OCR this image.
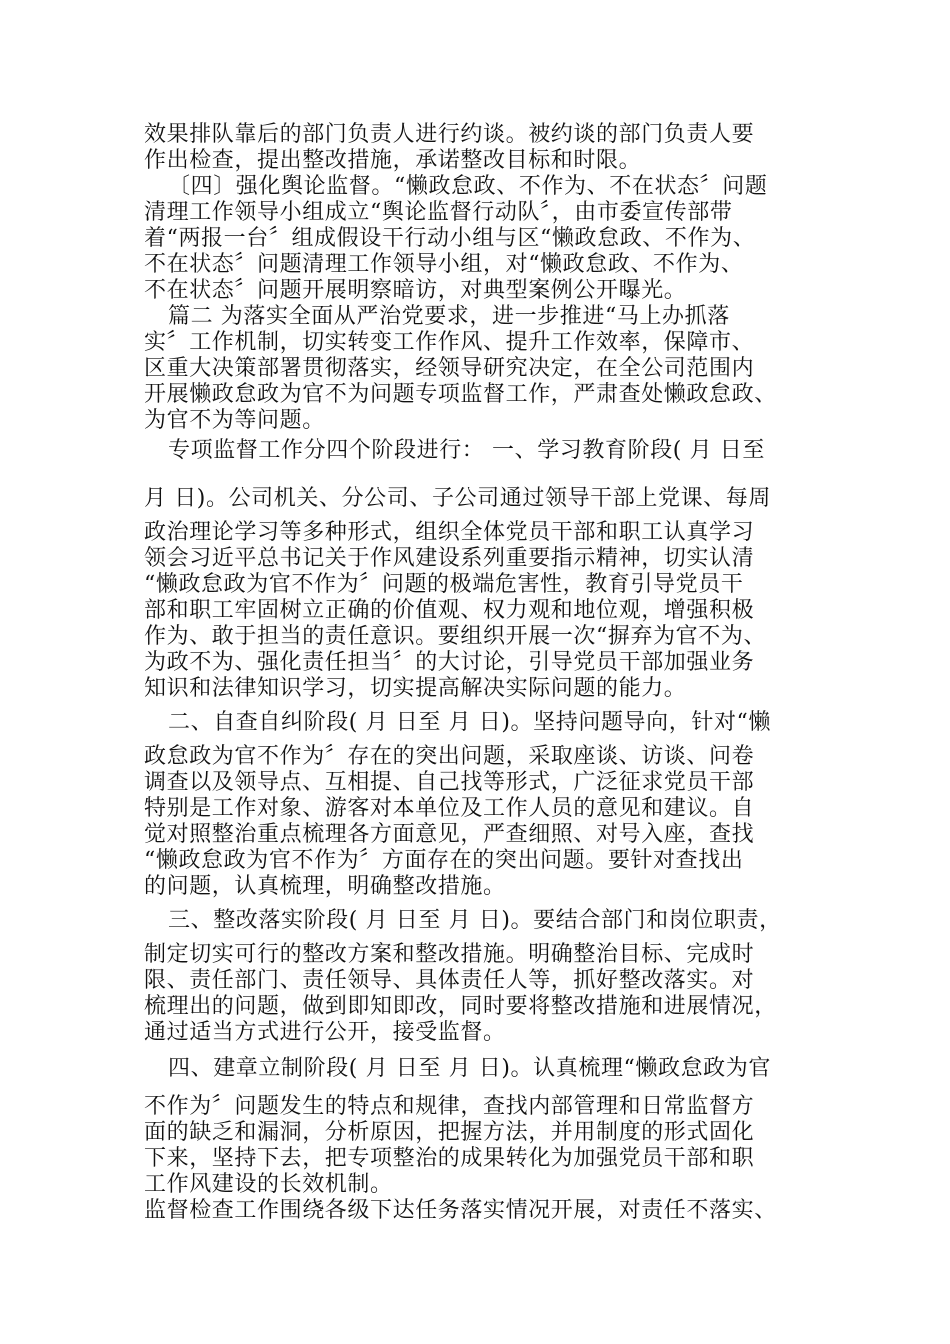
效果排队靠后的部门负责人进行约谈。被约谈的部门负责人要
作出检查，提出整改措施，承诺整改目标和时限。
〔四〕强化舆论监督。“懒政怠政、不作为、不在状态〞问题
清理工作领导小组成立“舆论监督行动队〞，由市委宣传部带
着“两报一台〞组成假设干行动小组与区“懒政怠政、不作为、
不在状态〞问题清理工作领导小组，对“懒政怠政、不作为、
不在状态〞问题开展明察暗访，对典型案例公开曝光。
篇二 为落实全面从严治党要求，进一步推进“马上办抓落
实〞工作机制，切实转变工作作风、提升工作效率，保障市、
区重大决策部署贯彻落实，经领导研究决定，在全公司范围内
开展懒政怠政为官不为问题专项监督工作，严肃查处懒政怠政、
为官不为等问题。
专项监督工作分四个阶段进行： 一、学习教育阶段( 月 日至
月 日)。公司机关、分公司、子公司通过领导干部上党课、每周
政治理论学习等多种形式，组织全体党员干部和职工认真学习
领会习近平总书记关于作风建设系列重要指示精神，切实认清
“懒政怠政为官不作为〞问题的极端危害性，教育引导党员干
部和职工牢固树立正确的价值观、权力观和地位观，增强积极
作为、敢于担当的责任意识。要组织开展一次“摒弃为官不为、
为政不为、强化责任担当〞的大讨论，引导党员干部加强业务
知识和法律知识学习，切实提高解决实际问题的能力。
二、自查自纠阶段( 月 日至 月 日)。坚持问题导向，针对“懒
政怠政为官不作为〞存在的突出问题，采取座谈、访谈、问卷
调查以及领导点、互相提、自己找等形式，广泛征求党员干部
特别是工作对象、游客对本单位及工作人员的意见和建议。自
觉对照整治重点梳理各方面意见，严查细照、对号入座，查找
“懒政怠政为官不作为〞方面存在的突出问题。要针对查找出
的问题，认真梳理，明确整改措施。
三、整改落实阶段( 月 日至 月 日)。要结合部门和岗位职责，
制定切实可行的整改方案和整改措施。明确整治目标、完成时
限、责任部门、责任领导、具体责任人等，抓好整改落实。对
梳理出的问题，做到即知即改，同时要将整改措施和进展情况，
通过适当方式进行公开，接受监督。
四、建章立制阶段( 月 日至 月 日)。认真梳理“懒政怠政为官
不作为〞问题发生的特点和规律，查找内部管理和日常监督方
面的缺乏和漏洞，分析原因，把握方法，并用制度的形式固化
下来，坚持下去，把专项整治的成果转化为加强党员干部和职
工作风建设的长效机制。
监督检查工作围绕各级下达任务落实情况开展，对责任不落实、
